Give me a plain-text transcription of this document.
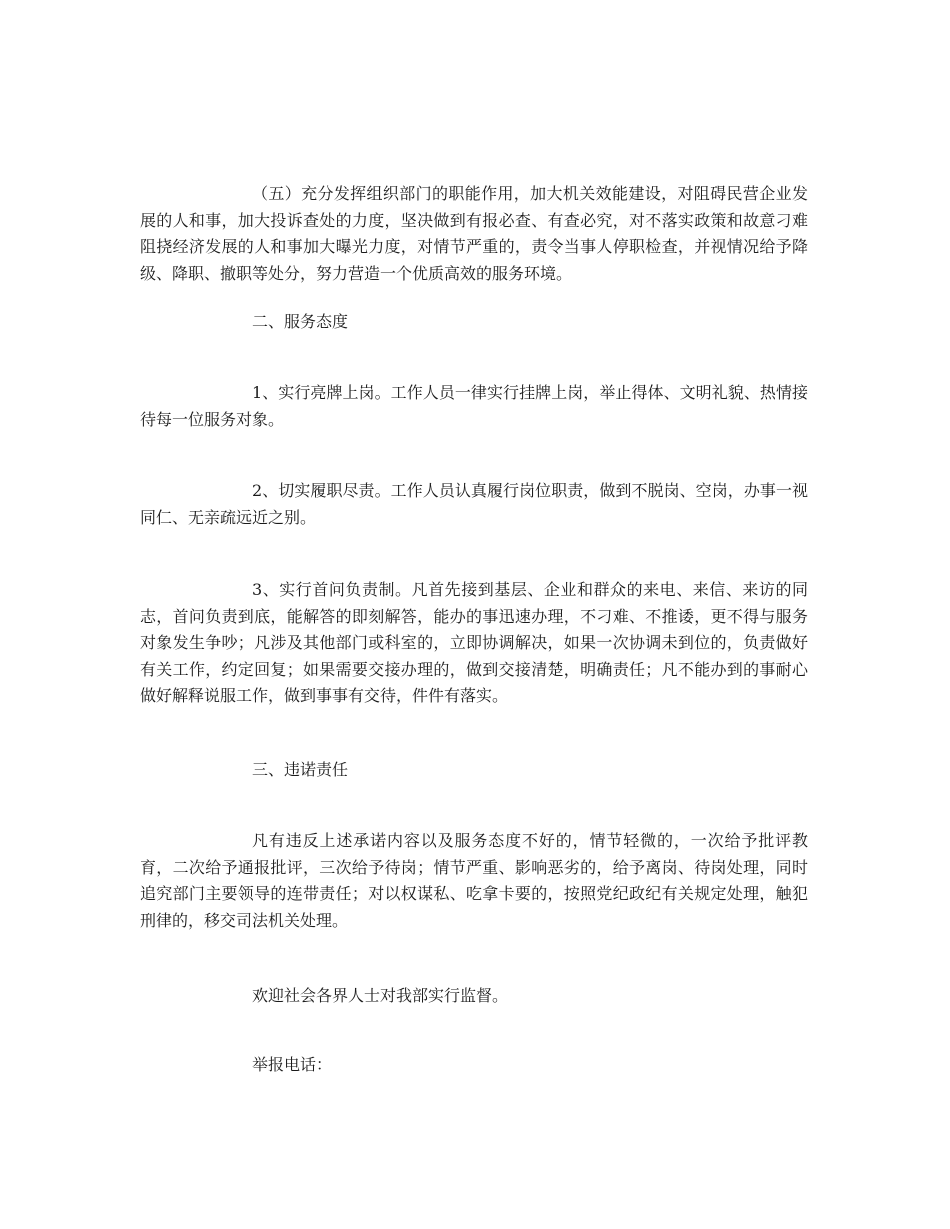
（五）充分发挥组织部门的职能作用，加大机关效能建设，对阻碍民营企业发展的人和事，加大投诉查处的力度，坚决做到有报必查、有查必究，对不落实政策和故意刁难阻挠经济发展的人和事加大曝光力度，对情节严重的，责令当事人停职检查，并视情况给予降级、降职、撤职等处分，努力营造一个优质高效的服务环境。

二、服务态度

1、实行亮牌上岗。工作人员一律实行挂牌上岗，举止得体、文明礼貌、热情接待每一位服务对象。

2、切实履职尽责。工作人员认真履行岗位职责，做到不脱岗、空岗，办事一视同仁、无亲疏远近之别。

3、实行首问负责制。凡首先接到基层、企业和群众的来电、来信、来访的同志，首问负责到底，能解答的即刻解答，能办的事迅速办理，不刁难、不推诿，更不得与服务对象发生争吵；凡涉及其他部门或科室的，立即协调解决，如果一次协调未到位的，负责做好有关工作，约定回复；如果需要交接办理的，做到交接清楚，明确责任；凡不能办到的事耐心做好解释说服工作，做到事事有交待，件件有落实。

三、违诺责任

凡有违反上述承诺内容以及服务态度不好的，情节轻微的，一次给予批评教育，二次给予通报批评，三次给予待岗；情节严重、影响恶劣的，给予离岗、待岗处理，同时追究部门主要领导的连带责任；对以权谋私、吃拿卡要的，按照党纪政纪有关规定处理，触犯刑律的，移交司法机关处理。

欢迎社会各界人士对我部实行监督。

举报电话：
